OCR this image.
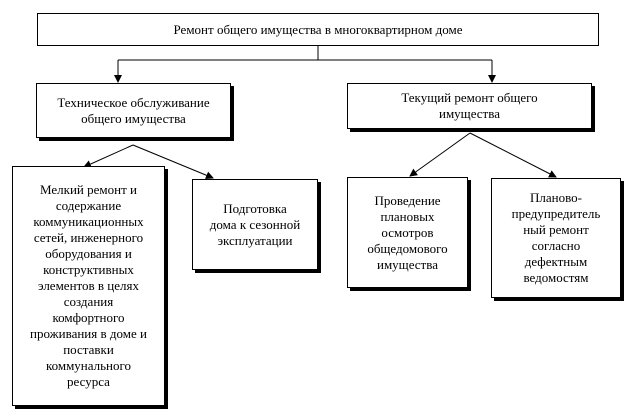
Ремонт общего имущества в многоквартирном доме
Техническое обслуживание
общего имущества
Текущий ремонт общего
имущества
Мелкий ремонт и
содержание
коммуникационных
сетей, инженерного
оборудования и
конструктивных
элементов в целях
создания
комфортного
проживания в доме и
поставки
коммунального
ресурса
Подготовка
дома к сезонной
эксплуатации
Проведение
плановых
осмотров
общедомового
имущества
Планово-
предупредитель
ный ремонт
согласно
дефектным
ведомостям
